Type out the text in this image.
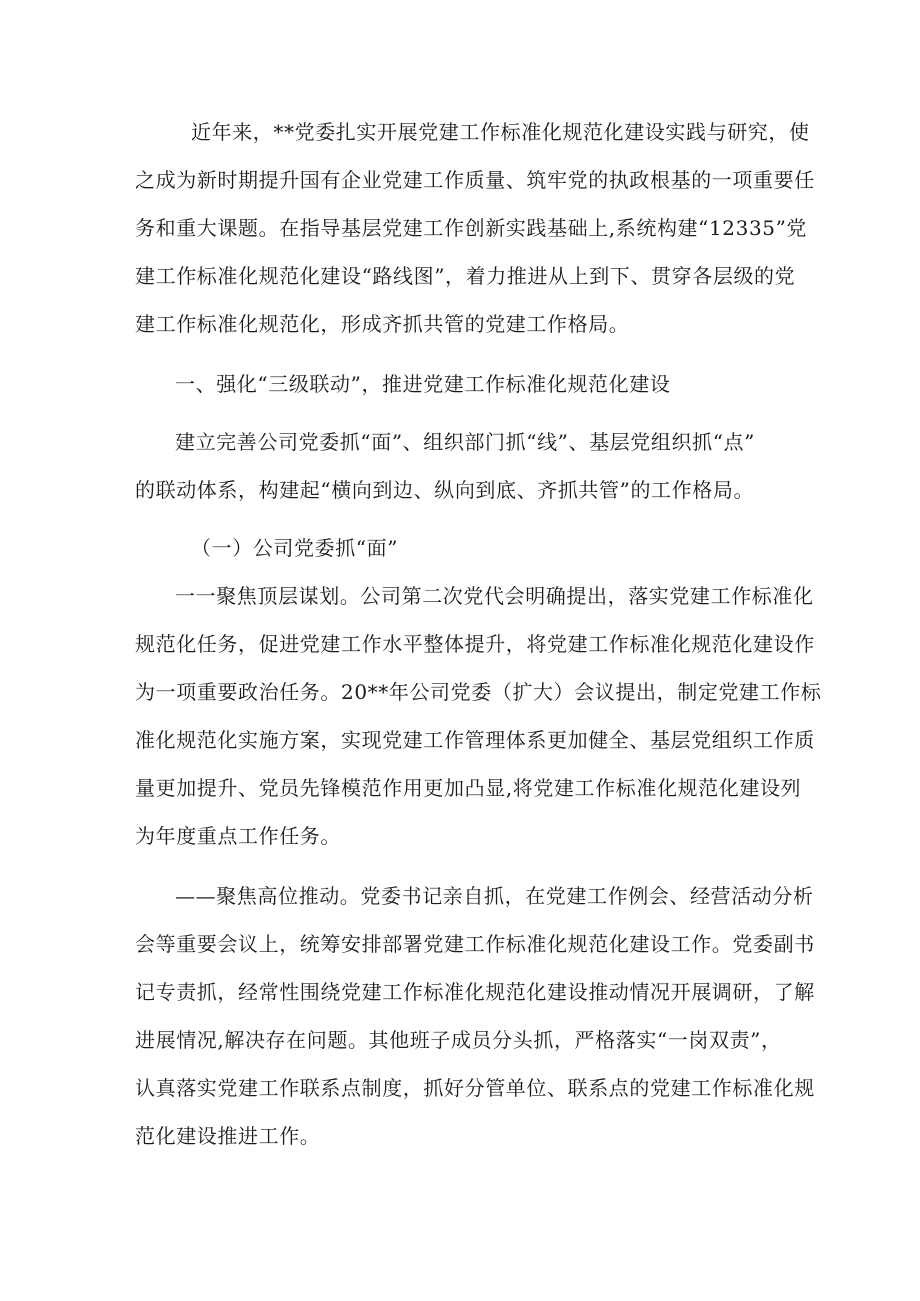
近年来，**党委扎实开展党建工作标准化规范化建设实践与研究，使
之成为新时期提升国有企业党建工作质量、筑牢党的执政根基的一项重要任
务和重大课题。在指导基层党建工作创新实践基础上,系统构建“12335”党
建工作标准化规范化建设“路线图”，着力推进从上到下、贯穿各层级的党
建工作标准化规范化，形成齐抓共管的党建工作格局。
一、强化“三级联动”，推进党建工作标准化规范化建设
建立完善公司党委抓“面”、组织部门抓“线”、基层党组织抓“点”
的联动体系，构建起“横向到边、纵向到底、齐抓共管”的工作格局。
（一）公司党委抓“面”
一一聚焦顶层谋划。公司第二次党代会明确提出，落实党建工作标准化
规范化任务，促进党建工作水平整体提升，将党建工作标准化规范化建设作
为一项重要政治任务。20**年公司党委（扩大）会议提出，制定党建工作标
准化规范化实施方案，实现党建工作管理体系更加健全、基层党组织工作质
量更加提升、党员先锋模范作用更加凸显,将党建工作标准化规范化建设列
为年度重点工作任务。
——聚焦高位推动。党委书记亲自抓，在党建工作例会、经营活动分析
会等重要会议上，统筹安排部署党建工作标准化规范化建设工作。党委副书
记专责抓，经常性围绕党建工作标准化规范化建设推动情况开展调研，了解
进展情况,解决存在问题。其他班子成员分头抓，严格落实“一岗双责”，
认真落实党建工作联系点制度，抓好分管单位、联系点的党建工作标准化规
范化建设推进工作。
